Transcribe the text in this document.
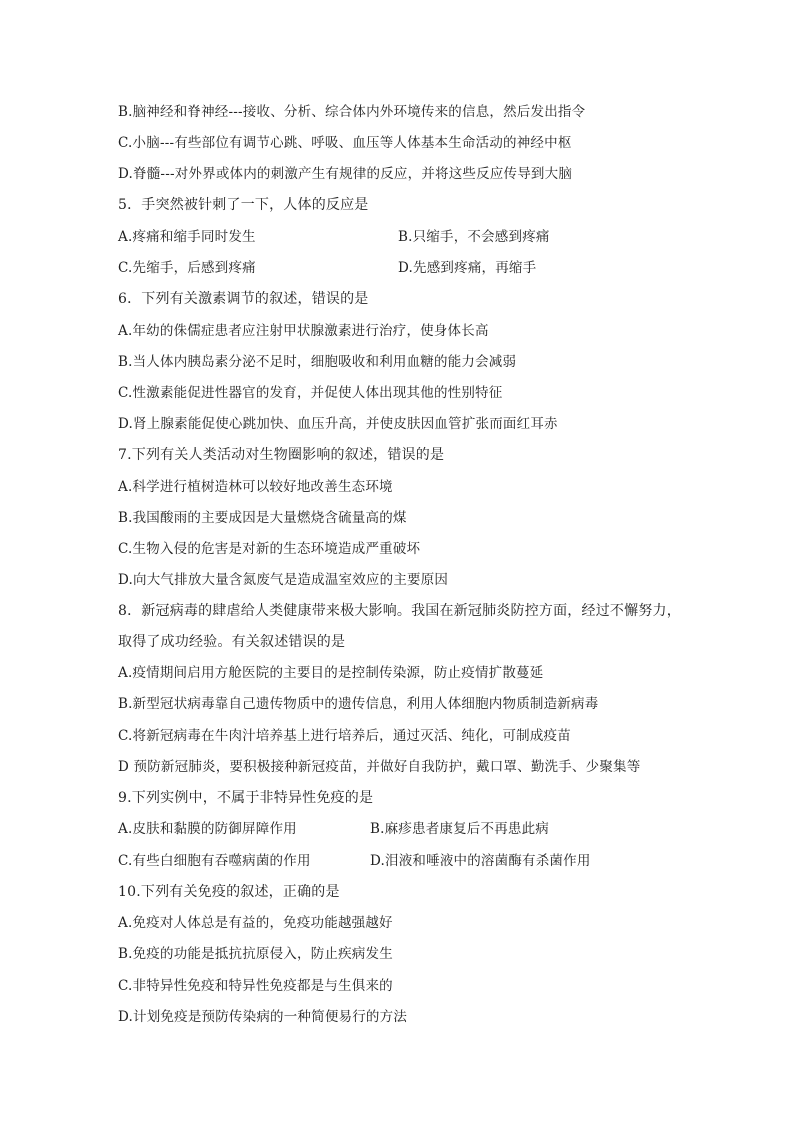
B.脑神经和脊神经---接收、分析、综合体内外环境传来的信息，然后发出指令
C.小脑---有些部位有调节心跳、呼吸、血压等人体基本生命活动的神经中枢
D.脊髓---对外界或体内的刺激产生有规律的反应，并将这些反应传导到大脑
5．手突然被针刺了一下，人体的反应是
A.疼痛和缩手同时发生	B.只缩手，不会感到疼痛
C.先缩手，后感到疼痛	D.先感到疼痛，再缩手
6．下列有关激素调节的叙述，错误的是
A.年幼的侏儒症患者应注射甲状腺激素进行治疗，使身体长高
B.当人体内胰岛素分泌不足时，细胞吸收和利用血糖的能力会减弱
C.性激素能促进性器官的发育，并促使人体出现其他的性别特征
D.肾上腺素能促使心跳加快、血压升高，并使皮肤因血管扩张而面红耳赤
7.下列有关人类活动对生物圈影响的叙述，错误的是
A.科学进行植树造林可以较好地改善生态环境
B.我国酸雨的主要成因是大量燃烧含硫量高的煤
C.生物入侵的危害是对新的生态环境造成严重破坏
D.向大气排放大量含氮废气是造成温室效应的主要原因
8．新冠病毒的肆虐给人类健康带来极大影响。我国在新冠肺炎防控方面，经过不懈努力，
取得了成功经验。有关叙述错误的是
A.疫情期间启用方舱医院的主要目的是控制传染源，防止疫情扩散蔓延
B.新型冠状病毒靠自己遗传物质中的遗传信息，利用人体细胞内物质制造新病毒
C.将新冠病毒在牛肉汁培养基上进行培养后，通过灭活、纯化，可制成疫苗
D 预防新冠肺炎，要积极接种新冠疫苗，并做好自我防护，戴口罩、勤洗手、少聚集等
9.下列实例中，不属于非特异性免疫的是
A.皮肤和黏膜的防御屏障作用	B.麻疹患者康复后不再患此病
C.有些白细胞有吞噬病菌的作用	D.泪液和唾液中的溶菌酶有杀菌作用
10.下列有关免疫的叙述，正确的是
A.免疫对人体总是有益的，免疫功能越强越好
B.免疫的功能是抵抗抗原侵入，防止疾病发生
C.非特异性免疫和特异性免疫都是与生俱来的
D.计划免疫是预防传染病的一种简便易行的方法
